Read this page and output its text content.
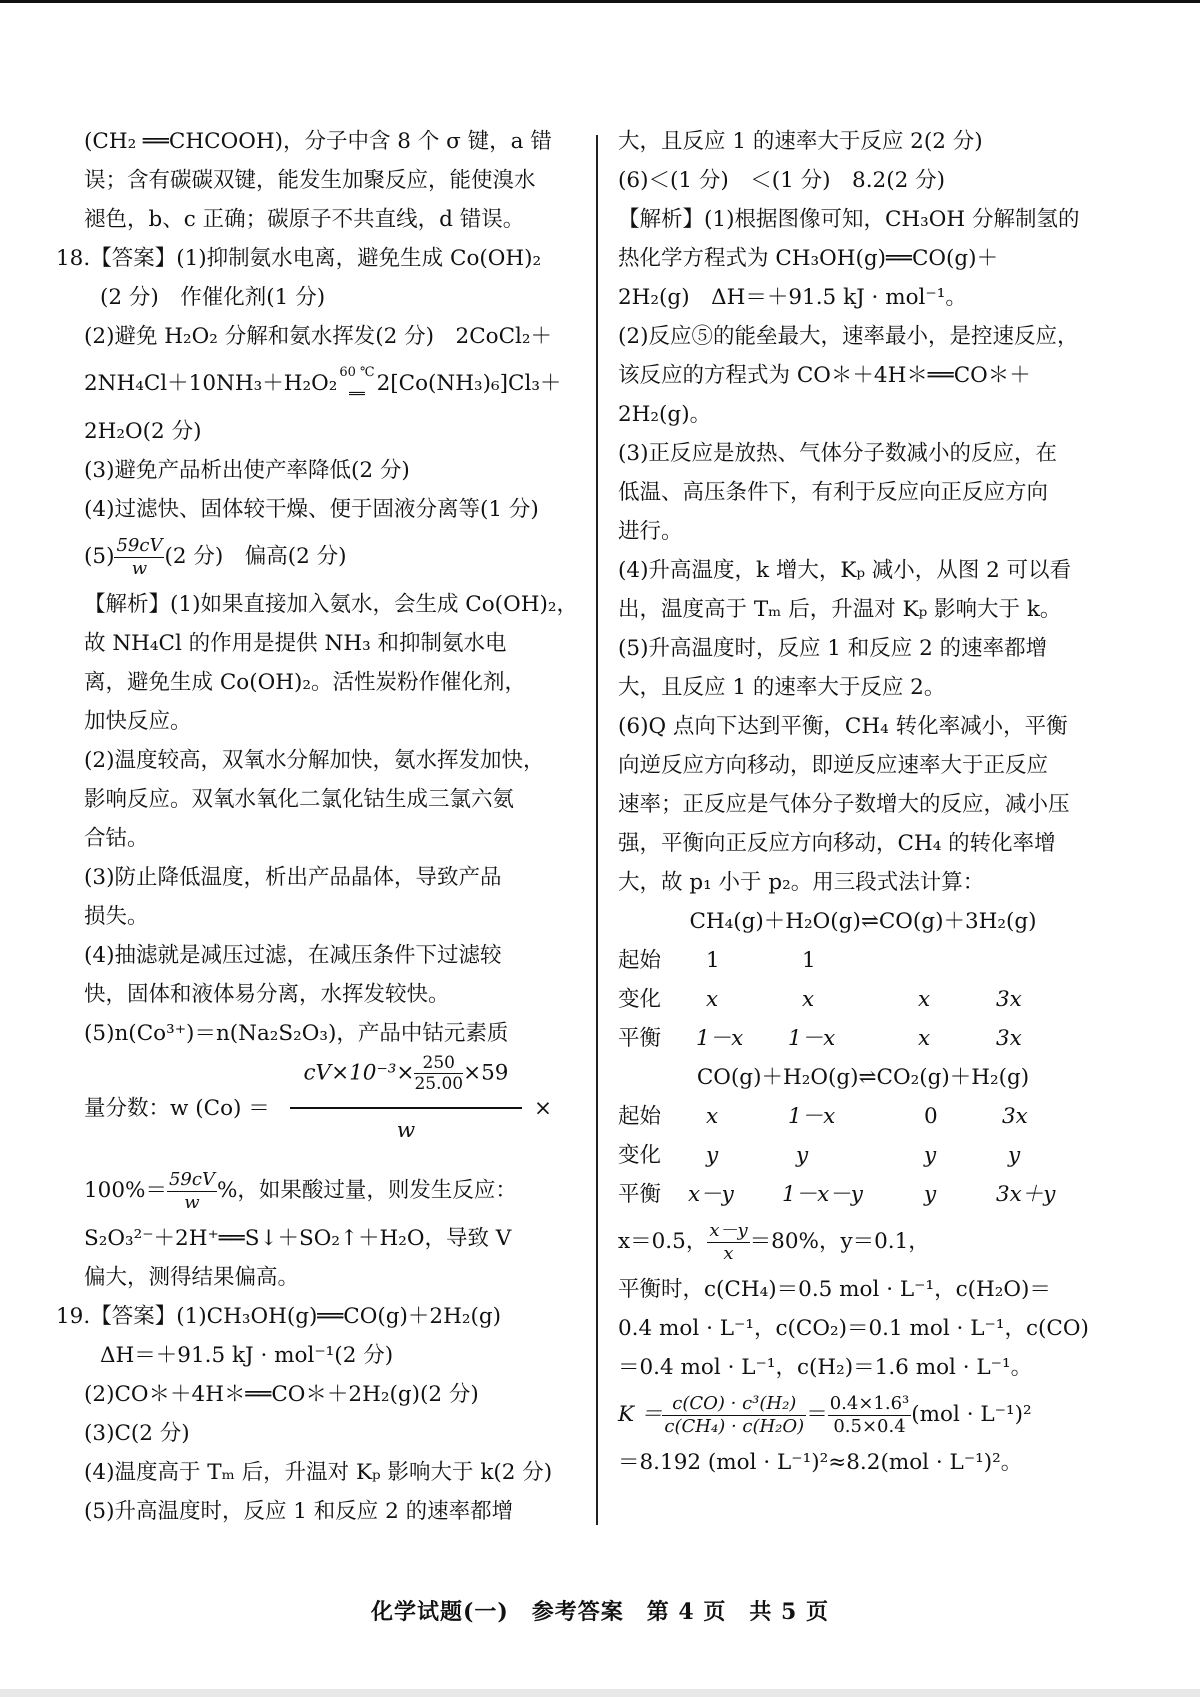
(CH₂ ══CHCOOH)，分子中含 8 个 σ 键，a 错
误；含有碳碳双键，能发生加聚反应，能使溴水
褪色，b、c 正确；碳原子不共直线，d 错误。
18.【答案】(1)抑制氨水电离，避免生成 Co(OH)₂
(2 分)　作催化剂(1 分)
(2)避免 H₂O₂ 分解和氨水挥发(2 分)　2CoCl₂＋
2NH₄Cl＋10NH₃＋H₂O₂ 60 ℃
══ 2[Co(NH₃)₆]Cl₃＋
2H₂O(2 分)
(3)避免产品析出使产率降低(2 分)
(4)过滤快、固体较干燥、便于固液分离等(1 分)
$(5) \frac{59cV}{w} (2$ 分)　偏高(2 分)
【解析】(1)如果直接加入氨水，会生成 Co(OH)₂，
故 NH₄Cl 的作用是提供 NH₃ 和抑制氨水电
离，避免生成 Co(OH)₂。活性炭粉作催化剂，
加快反应。
(2)温度较高，双氧水分解加快，氨水挥发加快，
影响反应。双氧水氧化二氯化钴生成三氯六氨
合钴。
(3)防止降低温度，析出产品晶体，导致产品
损失。
(4)抽滤就是减压过滤，在减压条件下过滤较
快，固体和液体易分离，水挥发较快。
(5)n(Co³⁺)＝n(Na₂S₂O₃)，产品中钴元素质
量分数：w (Co) ＝
$cV\times 10^{-3}\times \frac{250}{25.00} \times 59$
w
×
$100\%= \frac{59cV}{w}$ %，如果酸过量，则发生反应：
S₂O₃²⁻＋2H⁺══S↓＋SO₂↑＋H₂O，导致 V
偏大，测得结果偏高。
19.【答案】(1)CH₃OH(g)══CO(g)＋2H₂(g)
ΔH＝＋91.5 kJ · mol⁻¹(2 分)
(2)CO＊＋4H＊══CO＊＋2H₂(g)(2 分)
(3)C(2 分)
(4)温度高于 Tₘ 后，升温对 Kₚ 影响大于 k(2 分)
(5)升高温度时，反应 1 和反应 2 的速率都增
大，且反应 1 的速率大于反应 2(2 分)
(6)＜(1 分)　＜(1 分)　8.2(2 分)
【解析】(1)根据图像可知，CH₃OH 分解制氢的
热化学方程式为 CH₃OH(g)══CO(g)＋
2H₂(g)　ΔH＝＋91.5 kJ · mol⁻¹。
(2)反应⑤的能垒最大，速率最小，是控速反应，
该反应的方程式为 CO＊＋4H＊══CO＊＋
2H₂(g)。
(3)正反应是放热、气体分子数减小的反应，在
低温、高压条件下，有利于反应向正反应方向
进行。
(4)升高温度，k 增大，Kₚ 减小，从图 2 可以看
出，温度高于 Tₘ 后，升温对 Kₚ 影响大于 k。
(5)升高温度时，反应 1 和反应 2 的速率都增
大，且反应 1 的速率大于反应 2。
(6)Q 点向下达到平衡，CH₄ 转化率减小，平衡
向逆反应方向移动，即逆反应速率大于正反应
速率；正反应是气体分子数增大的反应，减小压
强，平衡向正反应方向移动，CH₄ 的转化率增
大，故 p₁ 小于 p₂。用三段式法计算：
CH₄(g)＋H₂O(g)⇌CO(g)＋3H₂(g)
起始 1	1
变化 x	x	x	3x
平衡 1－x 1－x	x	3x
CO(g)＋H₂O(g)⇌CO₂(g)＋H₂(g)
起始 x	1－x	0	3x
变化 y	y	y	y
平衡 x－y 1－x－y	y	3x＋y
x＝0.5， $\frac{x-y}{x} =80\%$，y＝0.1，
平衡时，c(CH₄)＝0.5 mol · L⁻¹，c(H₂O)＝
0.4 mol · L⁻¹，c(CO₂)＝0.1 mol · L⁻¹，c(CO)
＝0.4 mol · L⁻¹，c(H₂)＝1.6 mol · L⁻¹。
$K = \frac{\text{c(CO) · c³(H₂)}}{\text{c(CH₄) · c(H₂O)}} = \frac{\text{0.4×1.6³}}{0.5\times 0.4} (mol \cdot L^{-1})^2$
＝8.192 (mol · L⁻¹)²≈8.2(mol · L⁻¹)²。
化学试题(一)　参考答案　第 4 页　共 5 页
